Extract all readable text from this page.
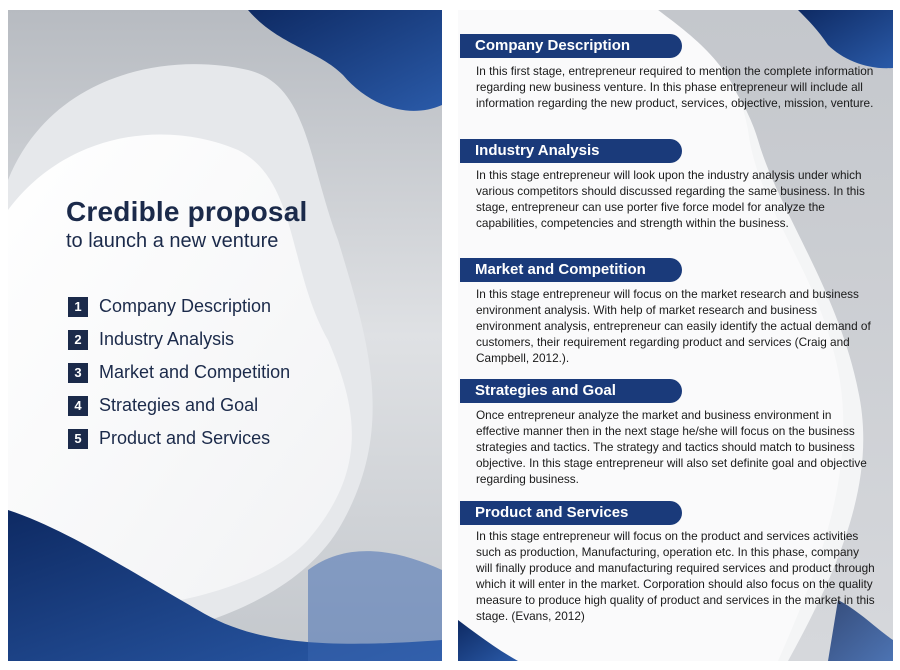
Credible proposal
to launch a new venture
1 Company Description
2 Industry Analysis
3 Market and Competition
4 Strategies and Goal
5 Product and Services
Company Description
In this first stage, entrepreneur required to mention the complete information regarding new business venture. In this phase entrepreneur will include all information regarding the new product, services, objective, mission, venture.
Industry Analysis
In this stage entrepreneur will look upon the industry analysis under which various competitors should discussed regarding the same business. In this stage, entrepreneur can use porter five force model for analyze the capabilities, competencies and strength within the business.
Market and Competition
In this stage entrepreneur will focus on the market research and business environment analysis. With help of market research and business environment analysis, entrepreneur can easily identify the actual demand of customers, their requirement regarding product and services (Craig and Campbell, 2012.).
Strategies and Goal
Once entrepreneur analyze the market and business environment in effective manner then in the next stage he/she will focus on the business strategies and tactics. The strategy and tactics should match to business objective. In this stage entrepreneur will also set definite goal and objective regarding business.
Product and Services
In this stage entrepreneur will focus on the product and services activities such as production, Manufacturing, operation etc. In this phase, company will finally produce and manufacturing required services and product through which it will enter in the market. Corporation should also focus on the quality measure to produce high quality of product and services in the market in this stage. (Evans, 2012)
